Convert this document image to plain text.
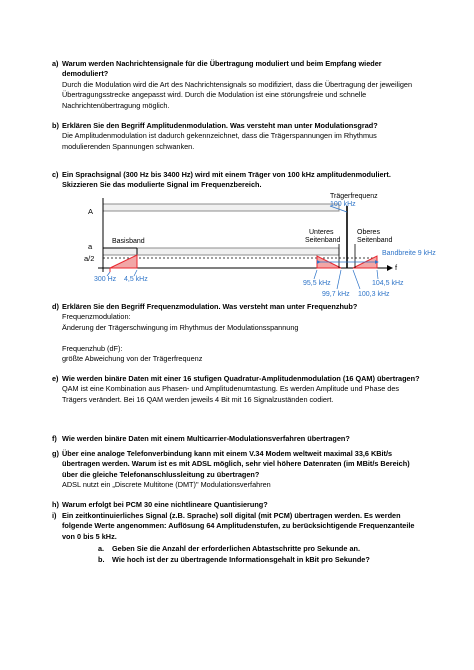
a) Warum werden Nachrichtensignale für die Übertragung moduliert und beim Empfang wieder demoduliert?
Durch die Modulation wird die Art des Nachrichtensignals so modifiziert, dass die Übertragung der jeweiligen Übertragungsstrecke angepasst wird. Durch die Modulation ist eine störungsfreie und schnelle Nachrichtenübertragung möglich.
b) Erklären Sie den Begriff Amplitudenmodulation. Was versteht man unter Modulationsgrad?
Die Amplitudenmodulation ist dadurch gekennzeichnet, dass die Trägerspannungen im Rhythmus modulierenden Spannungen schwanken.
c) Ein Sprachsignal (300 Hz bis 3400 Hz) wird mit einem Träger von 100 kHz amplitudenmoduliert. Skizzieren Sie das modulierte Signal im Frequenzbereich.
A
a
a/2
f
Basisband
Trägerfrequenz
100 kHz
Unteres
Seitenband
Oberes
Seitenband
Bandbreite 9 kHz
300 Hz 4,5 kHz
95,5 kHz
99,7 kHz
104,5 kHz
100,3 kHz
d) Erklären Sie den Begriff Frequenzmodulation. Was versteht man unter Frequenzhub?
Frequenzmodulation:
Änderung der Trägerschwingung im Rhythmus der Modulationsspannung
Frequenzhub (dF):
größte Abweichung von der Trägerfrequenz
e) Wie werden binäre Daten mit einer 16 stufigen Quadratur-Amplitudenmodulation (16 QAM) übertragen?
QAM ist eine Kombination aus Phasen- und Amplitudenumtastung. Es werden Amplitude und Phase des Trägers verändert. Bei 16 QAM werden jeweils 4 Bit mit 16 Signalzuständen codiert.
f) Wie werden binäre Daten mit einem Multicarrier-Modulationsverfahren übertragen?
g) Über eine analoge Telefonverbindung kann mit einem V.34 Modem weltweit maximal 33,6 KBit/s übertragen werden. Warum ist es mit ADSL möglich, sehr viel höhere Datenraten (im MBit/s Bereich) über die gleiche Telefonanschlussleitung zu übertragen?
ADSL nutzt ein „Discrete Multitone (DMT)" Modulationsverfahren
h) Warum erfolgt bei PCM 30 eine nichtlineare Quantisierung?
i) Ein zeitkontinuierliches Signal (z.B. Sprache) soll digital (mit PCM) übertragen werden. Es werden folgende Werte angenommen: Auflösung 64 Amplitudenstufen, zu berücksichtigende Frequenzanteile von 0 bis 5 kHz.
a. Geben Sie die Anzahl der erforderlichen Abtastschritte pro Sekunde an.
b. Wie hoch ist der zu übertragende Informationsgehalt in kBit pro Sekunde?
